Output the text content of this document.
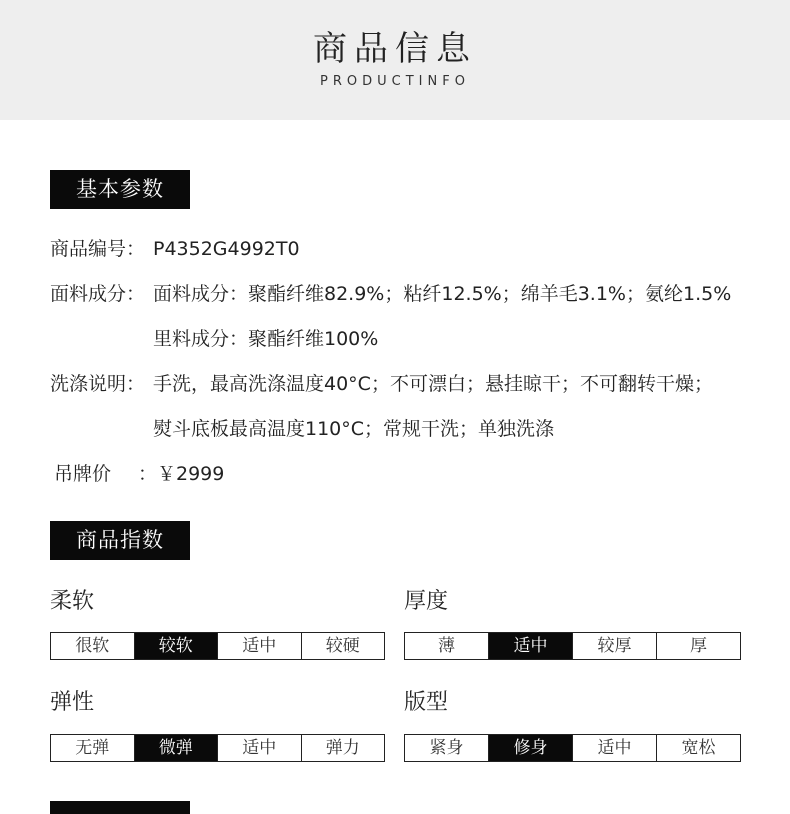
商品信息
PRODUCTINFO
基本参数
商品编号： P4352G4992T0
面料成分： 面料成分：聚酯纤维82.9%；粘纤12.5%；绵羊毛3.1%；氨纶1.5%
里料成分：聚酯纤维100%
洗涤说明： 手洗，最高洗涤温度40°C；不可漂白；悬挂晾干；不可翻转干燥；
熨斗底板最高温度110°C；常规干洗；单独洗涤
吊牌价 ：￥2999
商品指数
柔软
很软	较软	适中	较硬
厚度
薄	适中	较厚	厚
弹性
无弹	微弹	适中	弹力
版型
紧身	修身	适中	宽松
